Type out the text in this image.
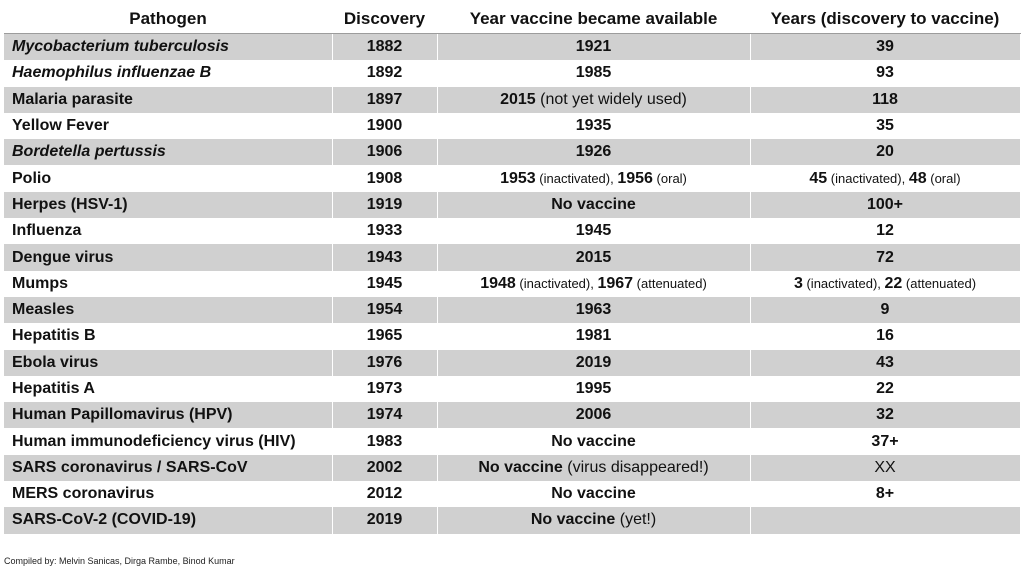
Pathogen	Discovery	Year vaccine became available	Years (discovery to vaccine)
Mycobacterium tuberculosis	1882	1921	39
Haemophilus influenzae B	1892	1985	93
Malaria parasite	1897	2015 (not yet widely used)	118
Yellow Fever	1900	1935	35
Bordetella pertussis	1906	1926	20
Polio	1908	1953 (inactivated), 1956 (oral)	45 (inactivated), 48 (oral)
Herpes (HSV-1)	1919	No vaccine	100+
Influenza	1933	1945	12
Dengue virus	1943	2015	72
Mumps	1945	1948 (inactivated), 1967 (attenuated)	3 (inactivated), 22 (attenuated)
Measles	1954	1963	9
Hepatitis B	1965	1981	16
Ebola virus	1976	2019	43
Hepatitis A	1973	1995	22
Human Papillomavirus (HPV)	1974	2006	32
Human immunodeficiency virus (HIV)	1983	No vaccine	37+
SARS coronavirus / SARS-CoV	2002	No vaccine (virus disappeared!)	XX
MERS coronavirus	2012	No vaccine	8+
SARS-CoV-2 (COVID-19)	2019	No vaccine (yet!)	
Compiled by: Melvin Sanicas, Dirga Rambe, Binod Kumar
